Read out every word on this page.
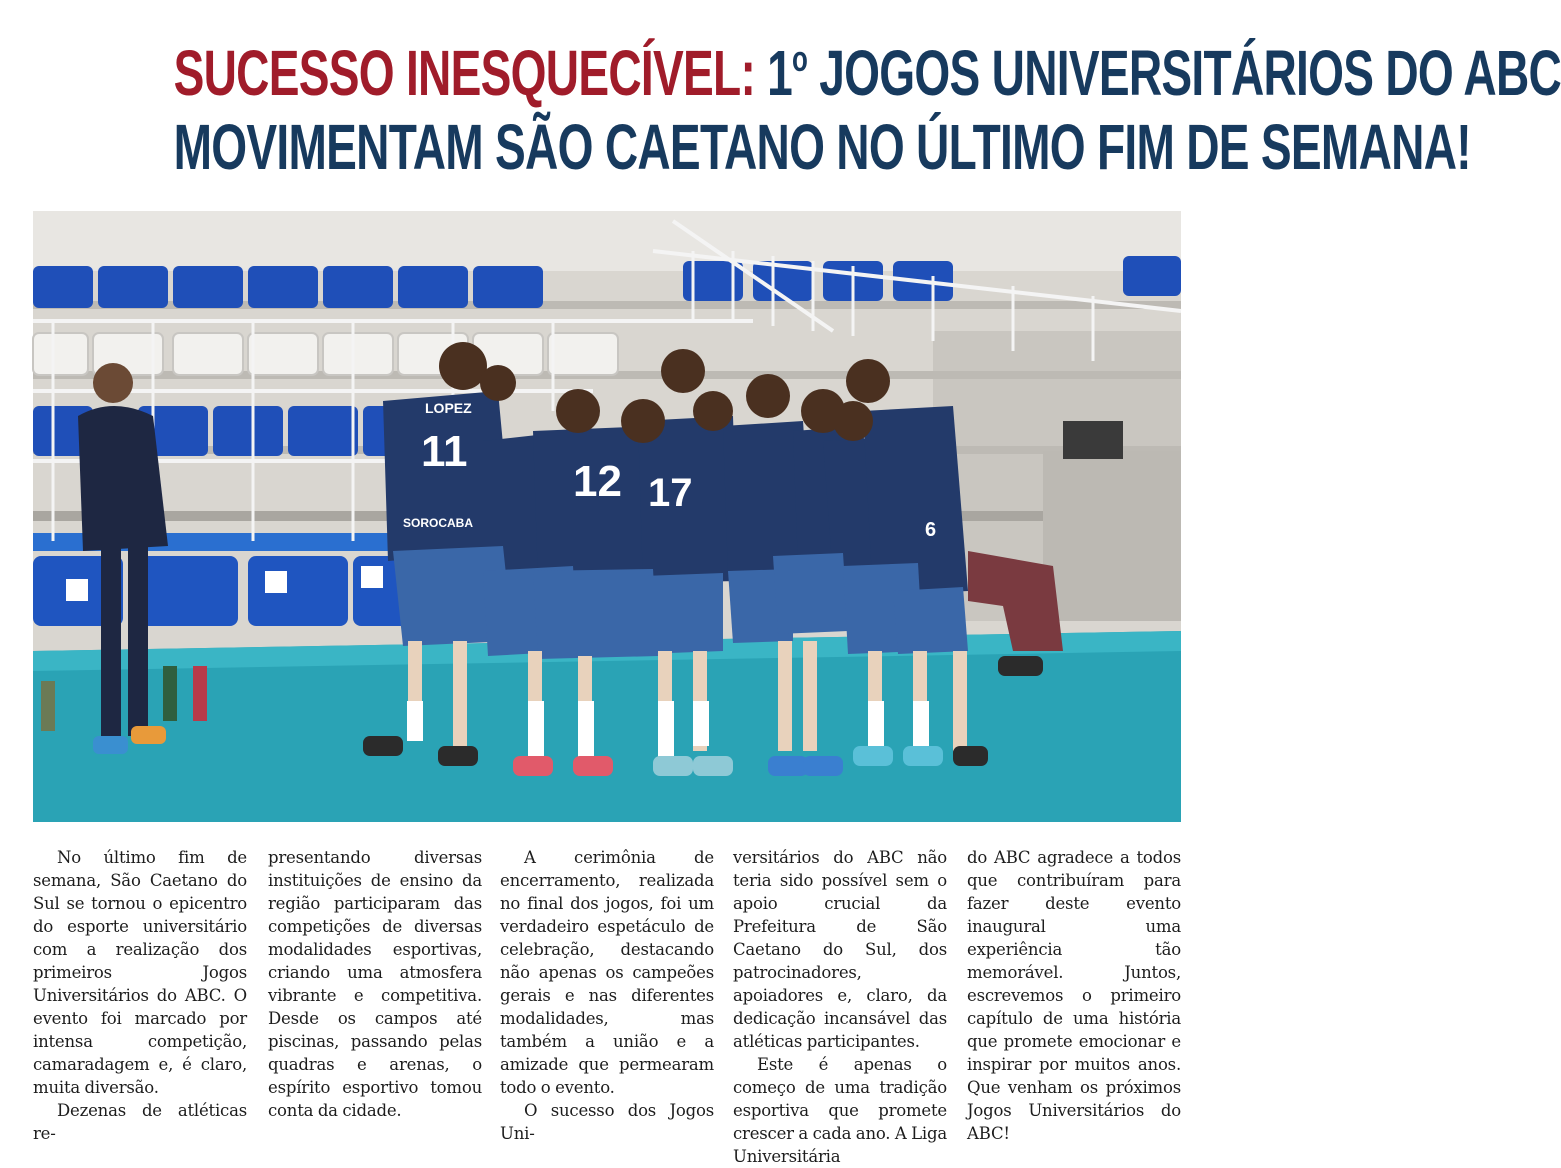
SUCESSO INESQUECÍVEL: 1$^o$ JOGOS UNIVERSITÁRIOS DO ABC
MOVIMENTAM SÃO CAETANO NO ÚLTIMO FIM DE SEMANA!
LOPEZ
11
12 17
SOROCABA	6

No último fim de semana, São Caetano do Sul se tornou o epicentro do esporte universitário com a realização dos primeiros Jogos Universitários do ABC. O evento foi marcado por intensa competição, camaradagem e, é claro, muita diversão.

Dezenas de atléticas re-

presentando diversas instituições de ensino da região participaram das competições de diversas modalidades esportivas, criando uma atmosfera vibrante e competitiva. Desde os campos até piscinas, passando pelas quadras e arenas, o espírito esportivo tomou conta da cidade.

A cerimônia de encerramento, realizada no final dos jogos, foi um verdadeiro espetáculo de celebração, destacando não apenas os campeões gerais e nas diferentes modalidades, mas também a união e a amizade que permearam todo o evento.

O sucesso dos Jogos Uni-

versitários do ABC não teria sido possível sem o apoio crucial da Prefeitura de São Caetano do Sul, dos patrocinadores, apoiadores e, claro, da dedicação incansável das atléticas participantes.

Este é apenas o começo de uma tradição esportiva que promete crescer a cada ano. A Liga Universitária

do ABC agradece a todos que contribuíram para fazer deste evento inaugural uma experiência tão memorável. Juntos, escrevemos o primeiro capítulo de uma história que promete emocionar e inspirar por muitos anos. Que venham os próximos Jogos Universitários do ABC!
